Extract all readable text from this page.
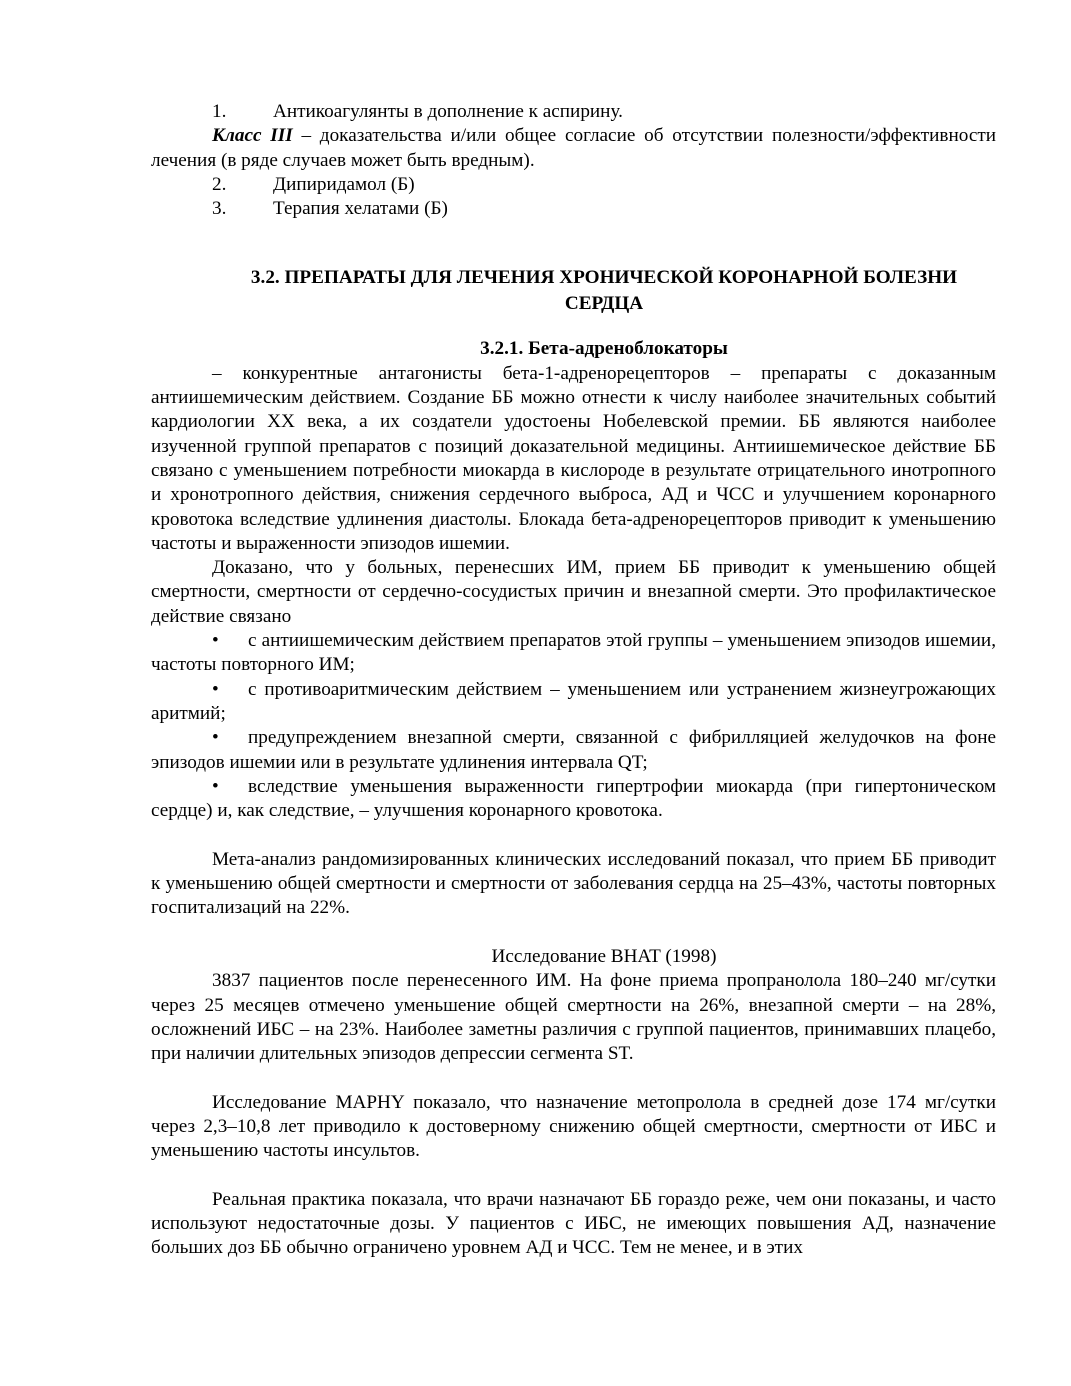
1. Антикоагулянты в дополнение к аспирину.

Класс III – доказательства и/или общее согласие об отсутствии полезности/эффективности лечения (в ряде случаев может быть вредным).

2. Дипиридамол (Б)

3. Терапия хелатами (Б)

3.2. ПРЕПАРАТЫ ДЛЯ ЛЕЧЕНИЯ ХРОНИЧЕСКОЙ КОРОНАРНОЙ БОЛЕЗНИ
СЕРДЦА

3.2.1. Бета-адреноблокаторы

– конкурентные антагонисты бета-1-адренорецепторов – препараты с доказанным антиишемическим действием. Создание ББ можно отнести к числу наиболее значительных событий кардиологии XX века, а их создатели удостоены Нобелевской премии. ББ являются наиболее изученной группой препаратов с позиций доказательной медицины. Антиишемическое действие ББ связано с уменьшением потребности миокарда в кислороде в результате отрицательного инотропного и хронотропного действия, снижения сердечного выброса, АД и ЧСС и улучшением коронарного кровотока вследствие удлинения диастолы. Блокада бета-адренорецепторов приводит к уменьшению частоты и выраженности эпизодов ишемии.

Доказано, что у больных, перенесших ИМ, прием ББ приводит к уменьшению общей смертности, смертности от сердечно-сосудистых причин и внезапной смерти. Это профилактическое действие связано

• с антиишемическим действием препаратов этой группы – уменьшением эпизодов ишемии, частоты повторного ИМ;

• с противоаритмическим действием – уменьшением или устранением жизнеугрожающих аритмий;

• предупреждением внезапной смерти, связанной с фибрилляцией желудочков на фоне эпизодов ишемии или в результате удлинения интервала QT;

• вследствие уменьшения выраженности гипертрофии миокарда (при гипертоническом сердце) и, как следствие, – улучшения коронарного кровотока.

Мета-анализ рандомизированных клинических исследований показал, что прием ББ приводит к уменьшению общей смертности и смертности от заболевания сердца на 25–43%, частоты повторных госпитализаций на 22%.

Исследование BHAT (1998)

3837 пациентов после перенесенного ИМ. На фоне приема пропранолола 180–240 мг/сутки через 25 месяцев отмечено уменьшение общей смертности на 26%, внезапной смерти – на 28%, осложнений ИБС – на 23%. Наиболее заметны различия с группой пациентов, принимавших плацебо, при наличии длительных эпизодов депрессии сегмента ST.

Исследование MAPHY показало, что назначение метопролола в средней дозе 174 мг/сутки через 2,3–10,8 лет приводило к достоверному снижению общей смертности, смертности от ИБС и уменьшению частоты инсультов.

Реальная практика показала, что врачи назначают ББ гораздо реже, чем они показаны, и часто используют недостаточные дозы. У пациентов с ИБС, не имеющих повышения АД, назначение больших доз ББ обычно ограничено уровнем АД и ЧСС. Тем не менее, и в этих
